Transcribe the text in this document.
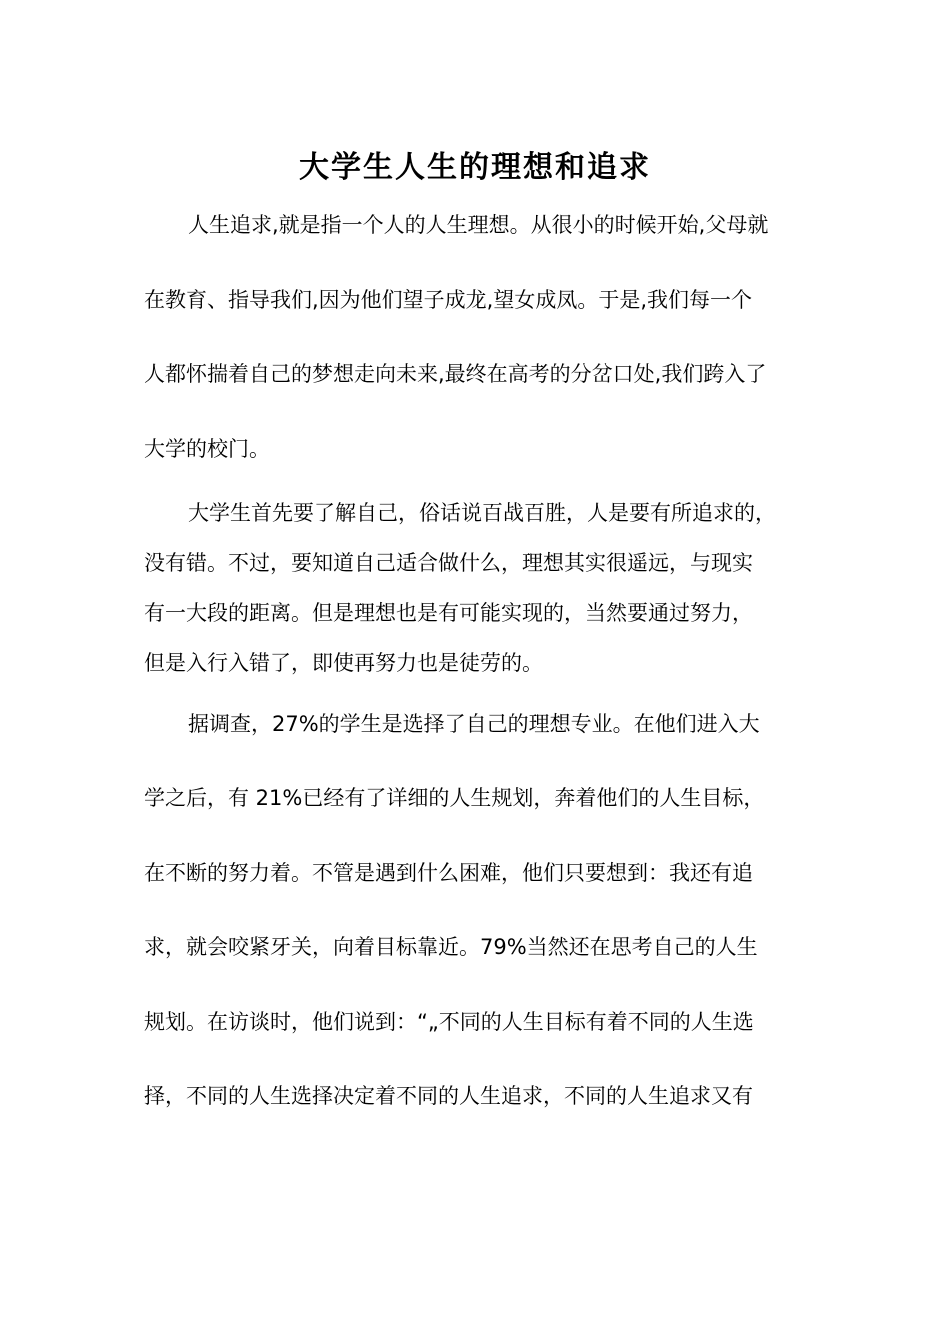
大学生人生的理想和追求

人生追求,就是指一个人的人生理想。从很小的时候开始,父母就
在教育、指导我们,因为他们望子成龙,望女成凤。于是,我们每一个
人都怀揣着自己的梦想走向未来,最终在高考的分岔口处,我们跨入了
大学的校门。

大学生首先要了解自己，俗话说百战百胜，人是要有所追求的，
没有错。不过，要知道自己适合做什么，理想其实很遥远，与现实
有一大段的距离。但是理想也是有可能实现的，当然要通过努力，
但是入行入错了，即使再努力也是徒劳的。

据调查，27%的学生是选择了自己的理想专业。在他们进入大
学之后，有 21%已经有了详细的人生规划，奔着他们的人生目标，
在不断的努力着。不管是遇到什么困难，他们只要想到：我还有追
求，就会咬紧牙关，向着目标靠近。79%当然还在思考自己的人生
规划。在访谈时，他们说到：“„不同的人生目标有着不同的人生选
择，不同的人生选择决定着不同的人生追求，不同的人生追求又有
